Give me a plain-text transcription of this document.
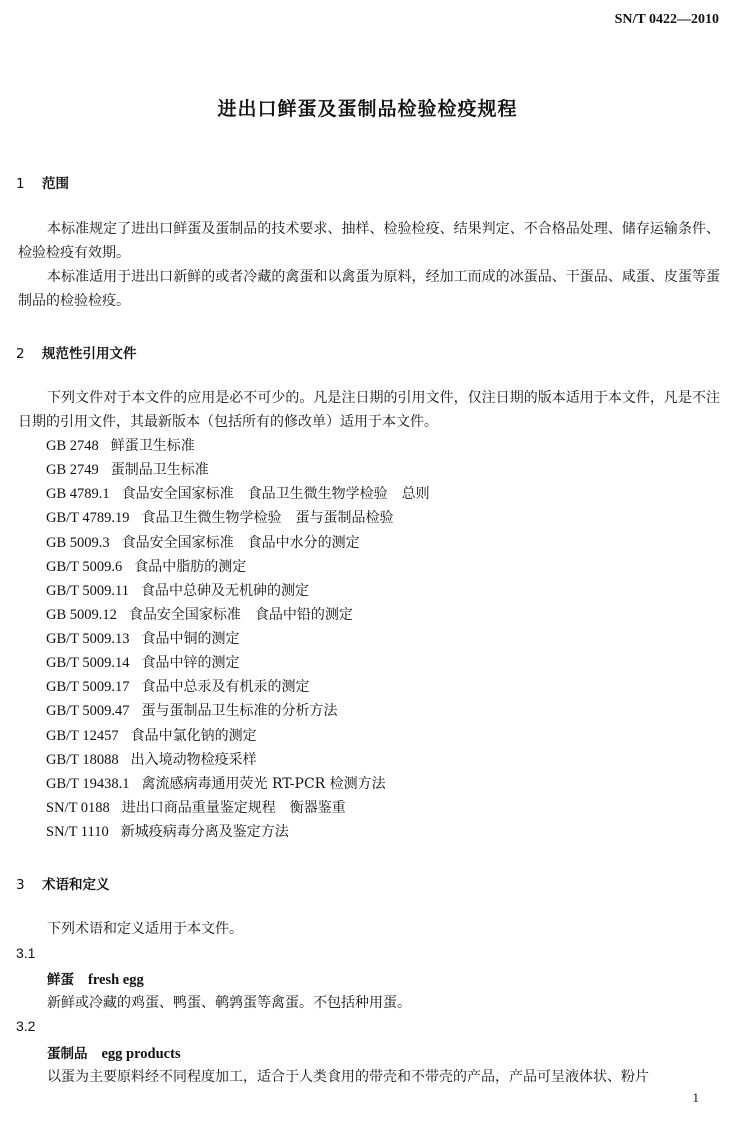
SN/T 0422—2010
进出口鲜蛋及蛋制品检验检疫规程
1 范围
本标准规定了进出口鲜蛋及蛋制品的技术要求、抽样、检验检疫、结果判定、不合格品处理、储存运输条件、检验检疫有效期。
本标准适用于进出口新鲜的或者冷藏的禽蛋和以禽蛋为原料，经加工而成的冰蛋品、干蛋品、咸蛋、皮蛋等蛋制品的检验检疫。
2 规范性引用文件
下列文件对于本文件的应用是必不可少的。凡是注日期的引用文件，仅注日期的版本适用于本文件，凡是不注日期的引用文件，其最新版本（包括所有的修改单）适用于本文件。
GB 2748 鲜蛋卫生标准
GB 2749 蛋制品卫生标准
GB 4789.1 食品安全国家标准　食品卫生微生物学检验　总则
GB/T 4789.19 食品卫生微生物学检验　蛋与蛋制品检验
GB 5009.3 食品安全国家标准　食品中水分的测定
GB/T 5009.6 食品中脂肪的测定
GB/T 5009.11 食品中总砷及无机砷的测定
GB 5009.12 食品安全国家标准　食品中铅的测定
GB/T 5009.13 食品中铜的测定
GB/T 5009.14 食品中锌的测定
GB/T 5009.17 食品中总汞及有机汞的测定
GB/T 5009.47 蛋与蛋制品卫生标准的分析方法
GB/T 12457 食品中氯化钠的测定
GB/T 18088 出入境动物检疫采样
GB/T 19438.1 禽流感病毒通用荧光 RT-PCR 检测方法
SN/T 0188 进出口商品重量鉴定规程　衡器鉴重
SN/T 1110 新城疫病毒分离及鉴定方法
3 术语和定义
下列术语和定义适用于本文件。
3.1
鲜蛋 fresh egg
新鲜或冷藏的鸡蛋、鸭蛋、鹌鹑蛋等禽蛋。不包括种用蛋。
3.2
蛋制品 egg products
以蛋为主要原料经不同程度加工，适合于人类食用的带壳和不带壳的产品，产品可呈液体状、粉片
1
